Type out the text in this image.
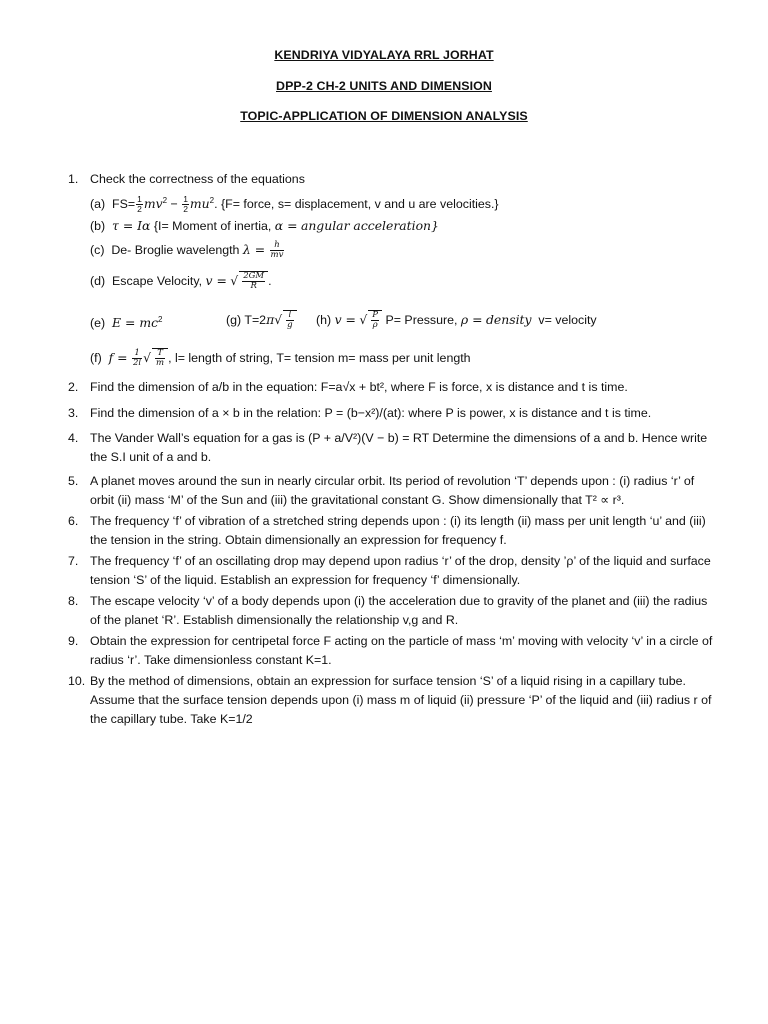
KENDRIYA VIDYALAYA RRL JORHAT
DPP-2 CH-2 UNITS AND DIMENSION
TOPIC-APPLICATION OF DIMENSION ANALYSIS
1. Check the correctness of the equations
(a)  $FS= \frac{1}{2} mv^2 - \frac{1}{2} mu^2$. {F= force, s= displacement, v and u are velocities.}
(b) τ = Iα {I= Moment of inertia, α = angular acceleration}
(c) De- Broglie wavelength $\lambda = \frac{h}{mv}$
(d) Escape Velocity, v = √ $\frac{2GM}{R}$ .
(e) $E = mc^2$	(g) $T=2\pi√ \frac{l}{g} (h) v$ = √ $\frac{P}{\rho} P=$ Pressure, ρ = density v= velocity
(f) $f = \frac{1}{2l}$ √ $\frac{T}{m}$ , l= length of string, T= tension m= mass per unit length
2. Find the dimension of a/b in the equation: F=a√x + bt², where F is force, x is distance and t is time.
3. Find the dimension of a × b in the relation: P = (b−x²)/(at): where P is power, x is distance and t is time.
4. The Vander Wall’s equation for a gas is (P + a/V²)(V − b) = RT Determine the dimensions of a and b. Hence write the S.I unit of a and b.
5. A planet moves around the sun in nearly circular orbit. Its period of revolution ‘T’ depends upon : (i) radius ‘r’ of orbit (ii) mass ‘M’ of the Sun and (iii) the gravitational constant G. Show dimensionally that T² ∝ r³.
6. The frequency ‘f’ of vibration of a stretched string depends upon : (i) its length (ii) mass per unit length ‘u’ and (iii) the tension in the string. Obtain dimensionally an expression for frequency f.
7. The frequency ‘f’ of an oscillating drop may depend upon radius ‘r’ of the drop, density ’ρ’ of the liquid and surface tension ‘S’ of the liquid. Establish an expression for frequency ‘f’ dimensionally.
8. The escape velocity ‘v’ of a body depends upon (i) the acceleration due to gravity of the planet and (iii) the radius of the planet ‘R’. Establish dimensionally the relationship v,g and R.
9. Obtain the expression for centripetal force F acting on the particle of mass ‘m’ moving with velocity ‘v’ in a circle of radius ‘r’. Take dimensionless constant K=1.
10. By the method of dimensions, obtain an expression for surface tension ‘S’ of a liquid rising in a capillary tube. Assume that the surface tension depends upon (i) mass m of liquid (ii) pressure ‘P’ of the liquid and (iii) radius r of the capillary tube. Take K=1/2
